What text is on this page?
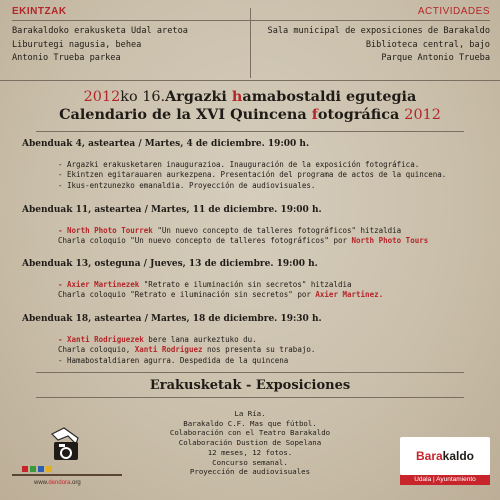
EKINTZAK
Barakaldoko erakusketa Udal aretoa
Liburutegi nagusia, behea
Antonio Trueba parkea
ACTIVIDADES
Sala municipal de exposiciones de Barakaldo
Biblioteca central, bajo
Parque Antonio Trueba
2012ko 16.Argazki hamabostaldi egutegia
Calendario de la XVI Quincena fotográfica 2012
Abenduak 4, asteartea / Martes, 4 de diciembre. 19:00 h.
- Argazki erakusketaren inaugurazioa. Inauguración de la exposición fotográfica.
- Ekintzen egitarauaren aurkezpena. Presentación del programa de actos de la quincena.
- Ikus-entzunezko emanaldia. Proyección de audiovisuales.
Abenduak 11, asteartea / Martes, 11 de diciembre. 19:00 h.
- North Photo Tourrek "Un nuevo concepto de talleres fotográficos" hitzaldia
Charla coloquio "Un nuevo concepto de talleres fotográficos" por North Photo Tours
Abenduak 13, osteguna / Jueves, 13 de diciembre. 19:00 h.
- Axier Martinezek "Retrato e iluminación sin secretos" hitzaldia
Charla coloquio "Retrato e iluminación sin secretos" por Axier Martinez.
Abenduak 18, asteartea / Martes, 18 de diciembre. 19:30 h.
- Xanti Rodriguezek bere lana aurkeztuko du.
Charla coloquio, Xanti Rodriguez nos presenta su trabajo.
- Hamabostaldiaren agurra. Despedida de la quincena
Erakusketak - Exposiciones
La Ría.
Barakaldo C.F. Mas que fútbol.
Colaboración con el Teatro Barakaldo
Colaboración Dustion de Sopelana
12 meses, 12 fotos.
Concurso semanal.
Proyección de audiovisuales
www.dendora.org
Barakaldo
Udala | Ayuntamiento
